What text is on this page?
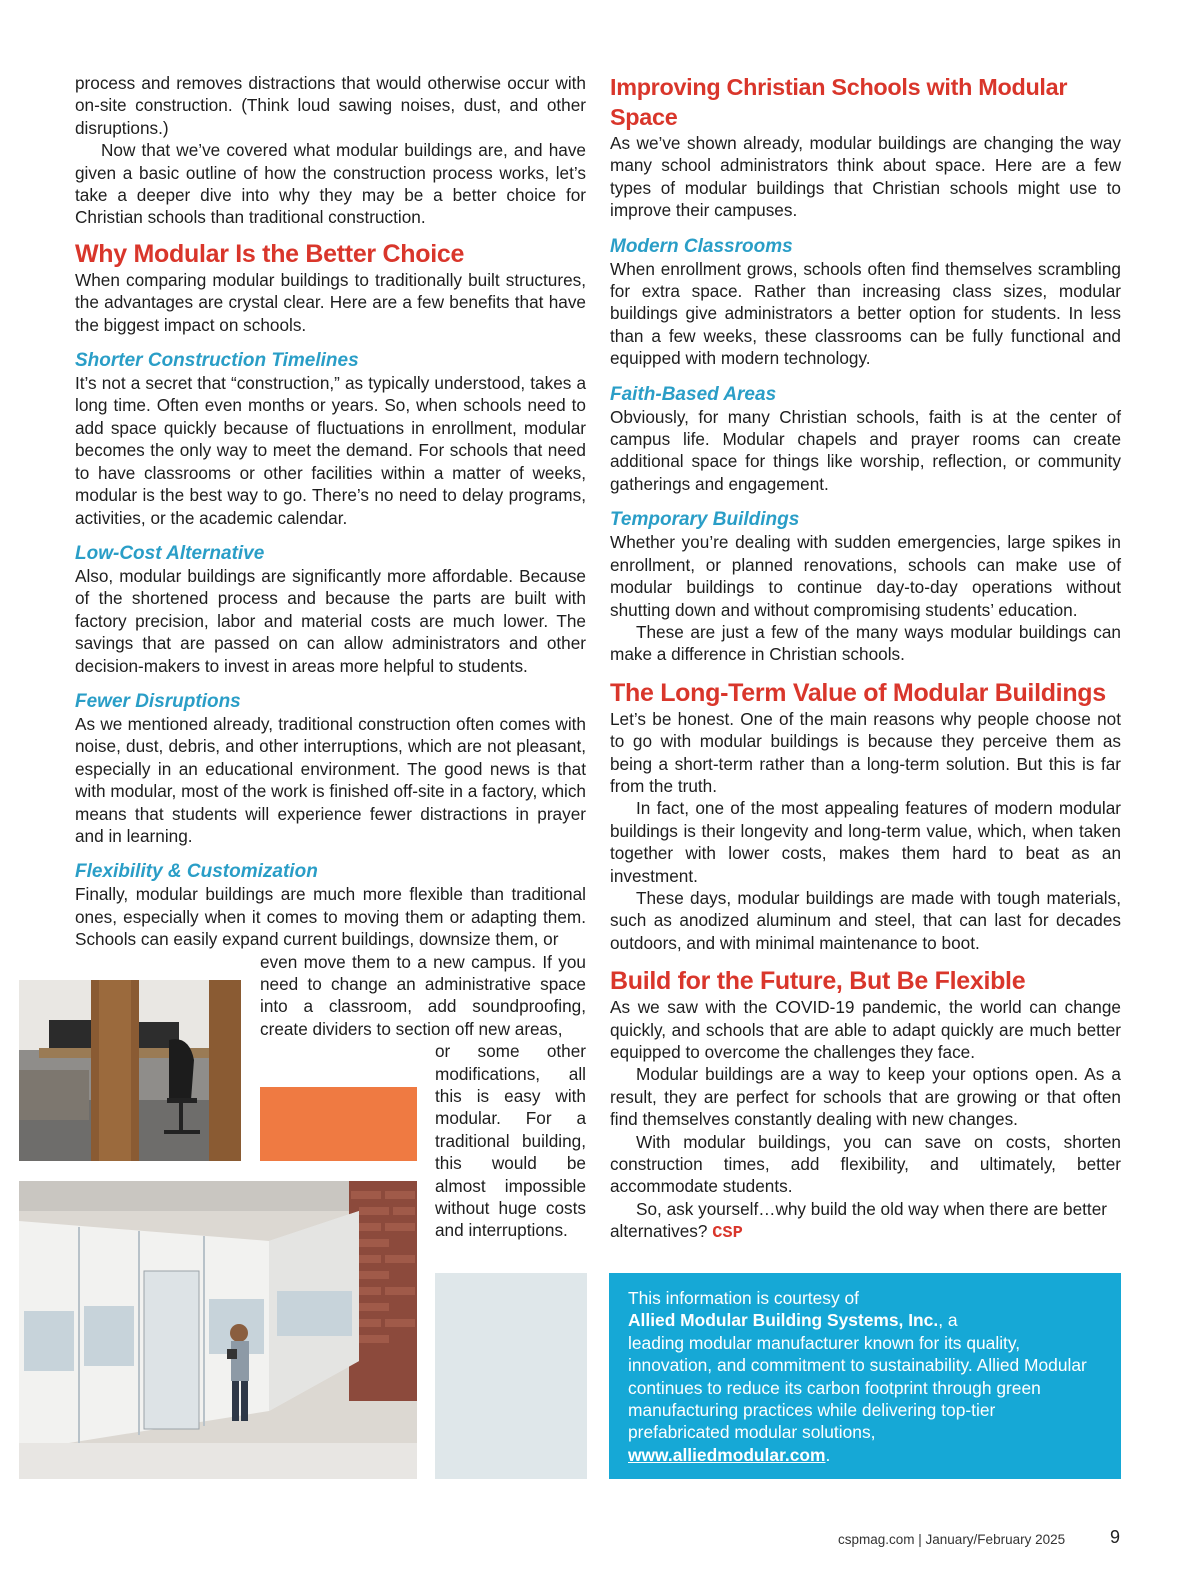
process and removes distractions that would otherwise occur with on-site construction. (Think loud sawing noises, dust, and other disruptions.)

Now that we’ve covered what modular buildings are, and have given a basic outline of how the construction process works, let’s take a deeper dive into why they may be a better choice for Christian schools than traditional construction.

Why Modular Is the Better Choice

When comparing modular buildings to traditionally built structures, the advantages are crystal clear. Here are a few benefits that have the biggest impact on schools.

Shorter Construction Timelines

It’s not a secret that “construction,” as typically understood, takes a long time. Often even months or years. So, when schools need to add space quickly because of fluctuations in enrollment, modular becomes the only way to meet the demand. For schools that need to have classrooms or other facilities within a matter of weeks, modular is the best way to go. There’s no need to delay programs, activities, or the academic calendar.

Low-Cost Alternative

Also, modular buildings are significantly more affordable. Because of the shortened process and because the parts are built with factory precision, labor and material costs are much lower. The savings that are passed on can allow administrators and other decision-makers to invest in areas more helpful to students.

Fewer Disruptions

As we mentioned already, traditional construction often comes with noise, dust, debris, and other interruptions, which are not pleasant, especially in an educational environment. The good news is that with modular, most of the work is finished off-site in a factory, which means that students will experience fewer distractions in prayer and in learning.

Flexibility & Customization

Finally, modular buildings are much more flexible than traditional ones, especially when it comes to moving them or adapting them. Schools can easily expand current buildings, downsize them, or

even move them to a new campus. If you need to change an administrative space into a classroom, add soundproofing, create dividers to section off new areas,

or some other modifications, all this is easy with modular. For a traditional building, this would be almost impossible without huge costs and interruptions.

Improving Christian Schools with Modular Space

As we’ve shown already, modular buildings are changing the way many school administrators think about space. Here are a few types of modular buildings that Christian schools might use to improve their campuses.

Modern Classrooms

When enrollment grows, schools often find themselves scrambling for extra space. Rather than increasing class sizes, modular buildings give administrators a better option for students. In less than a few weeks, these classrooms can be fully functional and equipped with modern technology.

Faith-Based Areas

Obviously, for many Christian schools, faith is at the center of campus life. Modular chapels and prayer rooms can create additional space for things like worship, reflection, or community gatherings and engagement.

Temporary Buildings

Whether you’re dealing with sudden emergencies, large spikes in enrollment, or planned renovations, schools can make use of modular buildings to continue day-to-day operations without shutting down and without compromising students’ education.

These are just a few of the many ways modular buildings can make a difference in Christian schools.

The Long-Term Value of Modular Buildings

Let’s be honest. One of the main reasons why people choose not to go with modular buildings is because they perceive them as being a short-term rather than a long-term solution. But this is far from the truth.

In fact, one of the most appealing features of modern modular buildings is their longevity and long-term value, which, when taken together with lower costs, makes them hard to beat as an investment.

These days, modular buildings are made with tough materials, such as anodized aluminum and steel, that can last for decades outdoors, and with minimal maintenance to boot.

Build for the Future, But Be Flexible

As we saw with the COVID-19 pandemic, the world can change quickly, and schools that are able to adapt quickly are much better equipped to overcome the challenges they face.

Modular buildings are a way to keep your options open. As a result, they are perfect for schools that are growing or that often find themselves constantly dealing with new changes.

With modular buildings, you can save on costs, shorten construction times, add flexibility, and ultimately, better accommodate students.

So, ask yourself…why build the old way when there are better alternatives? CSP

This information is courtesy of
Allied Modular Building Systems, Inc., a
leading modular manufacturer known for its quality, innovation, and commitment to sustainability. Allied Modular continues to reduce its carbon footprint through green manufacturing practices while delivering top-tier prefabricated modular solutions,
www.alliedmodular.com.
cspmag.com | January/February 2025 9
